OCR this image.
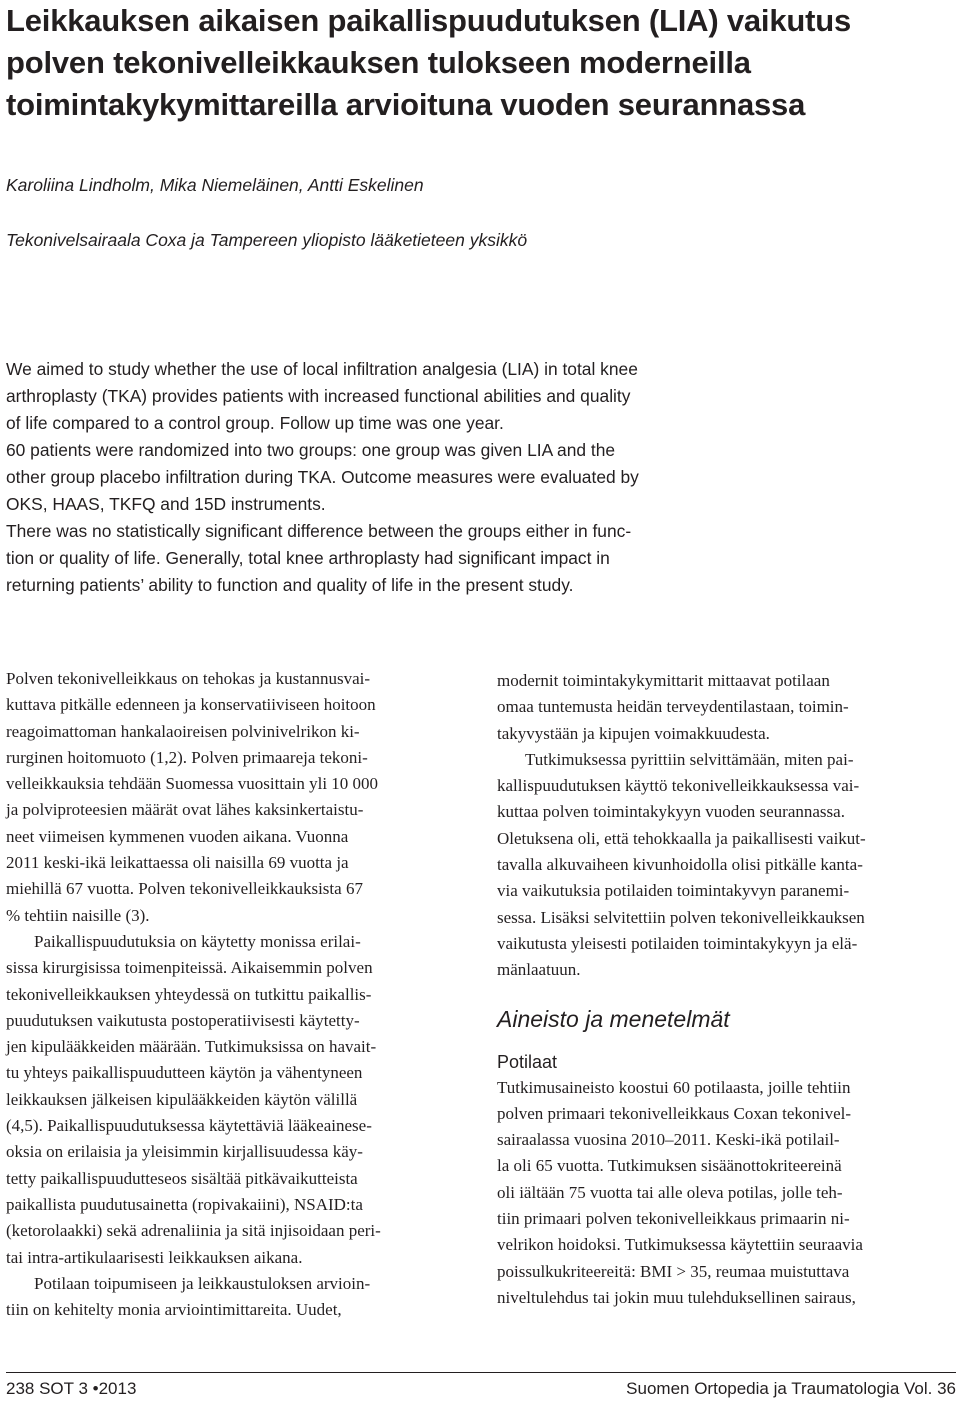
Leikkauksen aikaisen paikallispuudutuksen (LIA) vaikutus
polven tekonivelleikkauksen tulokseen moderneilla
toimintakykymittareilla arvioituna vuoden seurannassa
Karoliina Lindholm, Mika Niemeläinen, Antti Eskelinen
Tekonivelsairaala Coxa ja Tampereen yliopisto lääketieteen yksikkö
We aimed to study whether the use of local infiltration analgesia (LIA) in total knee
arthroplasty (TKA) provides patients with increased functional abilities and quality
of life compared to a control group. Follow up time was one year.
60 patients were randomized into two groups: one group was given LIA and the
other group placebo infiltration during TKA. Outcome measures were evaluated by
OKS, HAAS, TKFQ and 15D instruments.
There was no statistically significant difference between the groups either in func-
tion or quality of life. Generally, total knee arthroplasty had significant impact in
returning patients’ ability to function and quality of life in the present study.
Polven tekonivelleikkaus on tehokas ja kustannusvai-
kuttava pitkälle edenneen ja konservatiiviseen hoitoon
reagoimattoman hankalaoireisen polvinivelrikon ki-
rurginen hoitomuoto (1,2). Polven primaareja tekoni-
velleikkauksia tehdään Suomessa vuosittain yli 10 000
ja polviproteesien määrät ovat lähes kaksinkertaistu-
neet viimeisen kymmenen vuoden aikana. Vuonna
2011 keski-ikä leikattaessa oli naisilla 69 vuotta ja
miehillä 67 vuotta. Polven tekonivelleikkauksista 67
% tehtiin naisille (3).
Paikallispuudutuksia on käytetty monissa erilai-
sissa kirurgisissa toimenpiteissä. Aikaisemmin polven
tekonivelleikkauksen yhteydessä on tutkittu paikallis-
puudutuksen vaikutusta postoperatiivisesti käytetty-
jen kipulääkkeiden määrään. Tutkimuksissa on havait-
tu yhteys paikallispuudutteen käytön ja vähentyneen
leikkauksen jälkeisen kipulääkkeiden käytön välillä
(4,5). Paikallispuudutuksessa käytettäviä lääkeainese-
oksia on erilaisia ja yleisimmin kirjallisuudessa käy-
tetty paikallispuudutteseos sisältää pitkävaikutteista
paikallista puudutusainetta (ropivakaiini), NSAID:ta
(ketorolaakki) sekä adrenaliinia ja sitä injisoidaan peri-
tai intra-artikulaarisesti leikkauksen aikana.
Potilaan toipumiseen ja leikkaustuloksen arvioin-
tiin on kehitelty monia arviointimittareita. Uudet,
modernit toimintakykymittarit mittaavat potilaan
omaa tuntemusta heidän terveydentilastaan, toimin-
takyvystään ja kipujen voimakkuudesta.
Tutkimuksessa pyrittiin selvittämään, miten pai-
kallispuudutuksen käyttö tekonivelleikkauksessa vai-
kuttaa polven toimintakykyyn vuoden seurannassa.
Oletuksena oli, että tehokkaalla ja paikallisesti vaikut-
tavalla alkuvaiheen kivunhoidolla olisi pitkälle kanta-
via vaikutuksia potilaiden toimintakyvyn paranemi-
sessa. Lisäksi selvitettiin polven tekonivelleikkauksen
vaikutusta yleisesti potilaiden toimintakykyyn ja elä-
mänlaatuun.
Aineisto ja menetelmät
Potilaat
Tutkimusaineisto koostui 60 potilaasta, joille tehtiin
polven primaari tekonivelleikkaus Coxan tekonivel-
sairaalassa vuosina 2010–2011. Keski-ikä potilail-
la oli 65 vuotta. Tutkimuksen sisäänottokriteereinä
oli iältään 75 vuotta tai alle oleva potilas, jolle teh-
tiin primaari polven tekonivelleikkaus primaarin ni-
velrikon hoidoksi. Tutkimuksessa käytettiin seuraavia
poissulkukriteereitä: BMI > 35, reumaa muistuttava
niveltulehdus tai jokin muu tulehduksellinen sairaus,
238 SOT 3 •2013	Suomen Ortopedia ja Traumatologia Vol. 36
